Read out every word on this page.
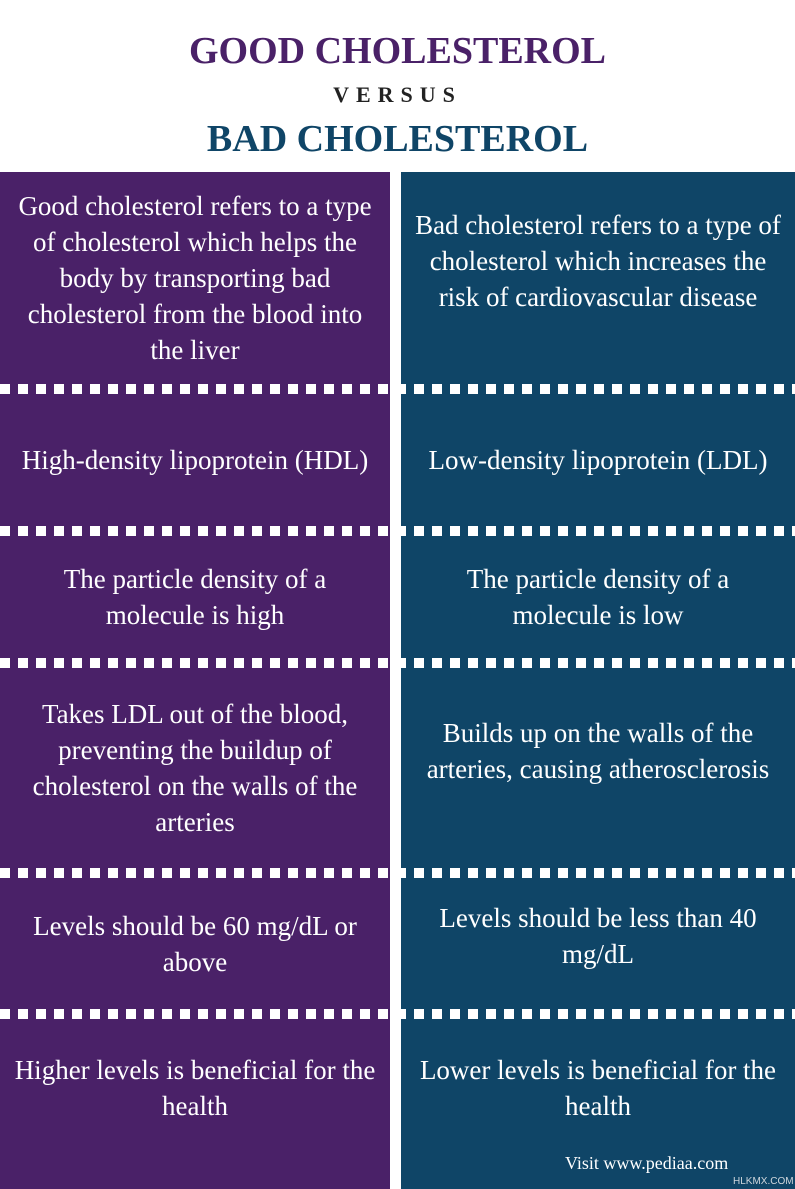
GOOD CHOLESTEROL
VERSUS
BAD CHOLESTEROL
Good cholesterol refers to a type of cholesterol which helps the body by transporting bad cholesterol from the blood into the liver
High-density lipoprotein (HDL)
The particle density of a molecule is high
Takes LDL out of the blood, preventing the buildup of cholesterol on the walls of the arteries
Levels should be 60 mg/dL or above
Higher levels is beneficial for the health
Bad cholesterol refers to a type of cholesterol which increases the risk of cardiovascular disease
Low-density lipoprotein (LDL)
The particle density of a molecule is low
Builds up on the walls of the arteries, causing atherosclerosis
Levels should be less than 40 mg/dL
Lower levels is beneficial for the health
Visit www.pediaa.com
HLKMX.COM
